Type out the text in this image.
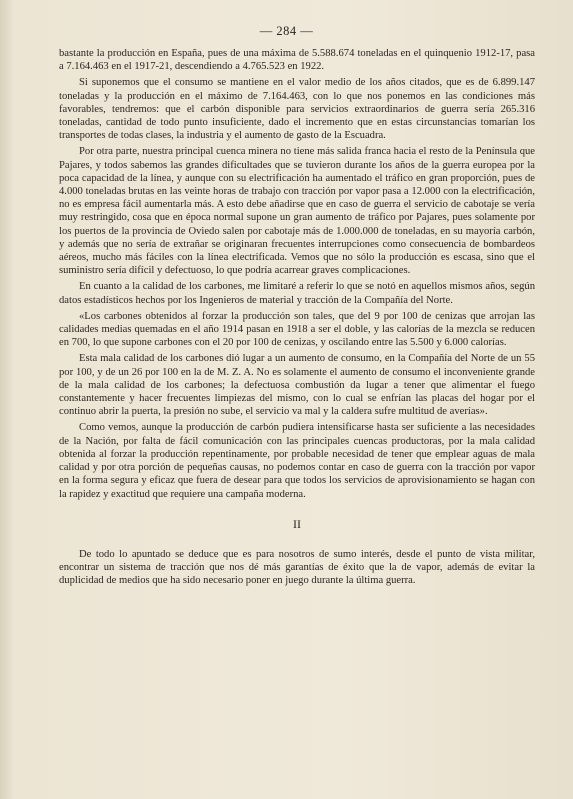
— 284 —

bastante la producción en España, pues de una máxima de 5.588.674 toneladas en el quinquenio 1912-17, pasa a 7.164.463 en el 1917-21, descendiendo a 4.765.523 en 1922.

Si suponemos que el consumo se mantiene en el valor medio de los años citados, que es de 6.899.147 toneladas y la producción en el máximo de 7.164.463, con lo que nos ponemos en las condiciones más favorables, tendremos: que el carbón disponible para servicios extraordinarios de guerra sería 265.316 toneladas, cantidad de todo punto insuficiente, dado el incremento que en estas circunstancias tomarían los transportes de todas clases, la industria y el aumento de gasto de la Escuadra.

Por otra parte, nuestra principal cuenca minera no tiene más salida franca hacia el resto de la Península que Pajares, y todos sabemos las grandes dificultades que se tuvieron durante los años de la guerra europea por la poca capacidad de la línea, y aunque con su electrificación ha aumentado el tráfico en gran proporción, pues de 4.000 toneladas brutas en las veinte horas de trabajo con tracción por vapor pasa a 12.000 con la electrificación, no es empresa fácil aumentarla más. A esto debe añadirse que en caso de guerra el servicio de cabotaje se vería muy restringido, cosa que en época normal supone un gran aumento de tráfico por Pajares, pues solamente por los puertos de la provincia de Oviedo salen por cabotaje más de 1.000.000 de toneladas, en su mayoría carbón, y además que no sería de extrañar se originaran frecuentes interrupciones como consecuencia de bombardeos aéreos, mucho más fáciles con la línea electrificada. Vemos que no sólo la producción es escasa, sino que el suministro sería difícil y defectuoso, lo que podría acarrear graves complicaciones.

En cuanto a la calidad de los carbones, me limitaré a referir lo que se notó en aquellos mismos años, según datos estadísticos hechos por los Ingenieros de material y tracción de la Compañía del Norte.

«Los carbones obtenidos al forzar la producción son tales, que del 9 por 100 de cenizas que arrojan las calidades medias quemadas en el año 1914 pasan en 1918 a ser el doble, y las calorías de la mezcla se reducen en 700, lo que supone carbones con el 20 por 100 de cenizas, y oscilando entre las 5.500 y 6.000 calorías.

Esta mala calidad de los carbones dió lugar a un aumento de consumo, en la Compañía del Norte de un 55 por 100, y de un 26 por 100 en la de M. Z. A. No es solamente el aumento de consumo el inconveniente grande de la mala calidad de los carbones; la defectuosa combustión da lugar a tener que alimentar el fuego constantemente y hacer frecuentes limpiezas del mismo, con lo cual se enfrían las placas del hogar por el continuo abrir la puerta, la presión no sube, el servicio va mal y la caldera sufre multitud de averías».

Como vemos, aunque la producción de carbón pudiera intensificarse hasta ser suficiente a las necesidades de la Nación, por falta de fácil comunicación con las principales cuencas productoras, por la mala calidad obtenida al forzar la producción repentinamente, por probable necesidad de tener que emplear aguas de mala calidad y por otra porción de pequeñas causas, no podemos contar en caso de guerra con la tracción por vapor en la forma segura y eficaz que fuera de desear para que todos los servicios de aprovisionamiento se hagan con la rapidez y exactitud que requiere una campaña moderna.

II

De todo lo apuntado se deduce que es para nosotros de sumo interés, desde el punto de vista militar, encontrar un sistema de tracción que nos dé más garantías de éxito que la de vapor, además de evitar la duplicidad de medios que ha sido necesario poner en juego durante la última guerra.
